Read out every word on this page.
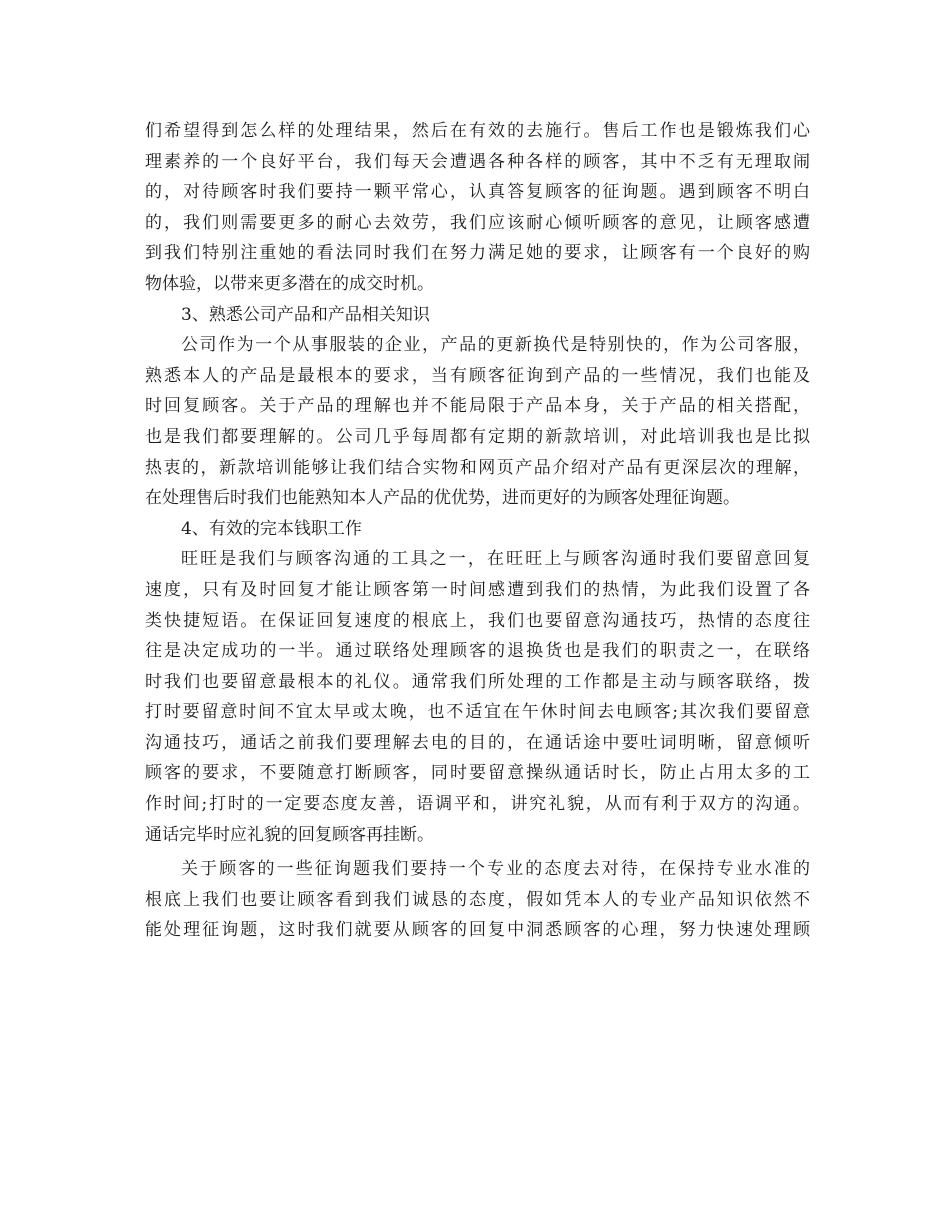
们希望得到怎么样的处理结果，然后在有效的去施行。售后工作也是锻炼我们心
理素养的一个良好平台，我们每天会遭遇各种各样的顾客，其中不乏有无理取闹
的，对待顾客时我们要持一颗平常心，认真答复顾客的征询题。遇到顾客不明白
的，我们则需要更多的耐心去效劳，我们应该耐心倾听顾客的意见，让顾客感遭
到我们特别注重她的看法同时我们在努力满足她的要求，让顾客有一个良好的购
物体验，以带来更多潜在的成交时机。
3、熟悉公司产品和产品相关知识
公司作为一个从事服装的企业，产品的更新换代是特别快的，作为公司客服，
熟悉本人的产品是最根本的要求，当有顾客征询到产品的一些情况，我们也能及
时回复顾客。关于产品的理解也并不能局限于产品本身，关于产品的相关搭配，
也是我们都要理解的。公司几乎每周都有定期的新款培训，对此培训我也是比拟
热衷的，新款培训能够让我们结合实物和网页产品介绍对产品有更深层次的理解，
在处理售后时我们也能熟知本人产品的优优势，进而更好的为顾客处理征询题。
4、有效的完本钱职工作
旺旺是我们与顾客沟通的工具之一，在旺旺上与顾客沟通时我们要留意回复
速度，只有及时回复才能让顾客第一时间感遭到我们的热情，为此我们设置了各
类快捷短语。在保证回复速度的根底上，我们也要留意沟通技巧，热情的态度往
往是决定成功的一半。通过联络处理顾客的退换货也是我们的职责之一，在联络
时我们也要留意最根本的礼仪。通常我们所处理的工作都是主动与顾客联络，拨
打时要留意时间不宜太早或太晚，也不适宜在午休时间去电顾客;其次我们要留意
沟通技巧，通话之前我们要理解去电的目的，在通话途中要吐词明晰，留意倾听
顾客的要求，不要随意打断顾客，同时要留意操纵通话时长，防止占用太多的工
作时间;打时的一定要态度友善，语调平和，讲究礼貌，从而有利于双方的沟通。
通话完毕时应礼貌的回复顾客再挂断。
关于顾客的一些征询题我们要持一个专业的态度去对待，在保持专业水准的
根底上我们也要让顾客看到我们诚恳的态度，假如凭本人的专业产品知识依然不
能处理征询题，这时我们就要从顾客的回复中洞悉顾客的心理，努力快速处理顾
